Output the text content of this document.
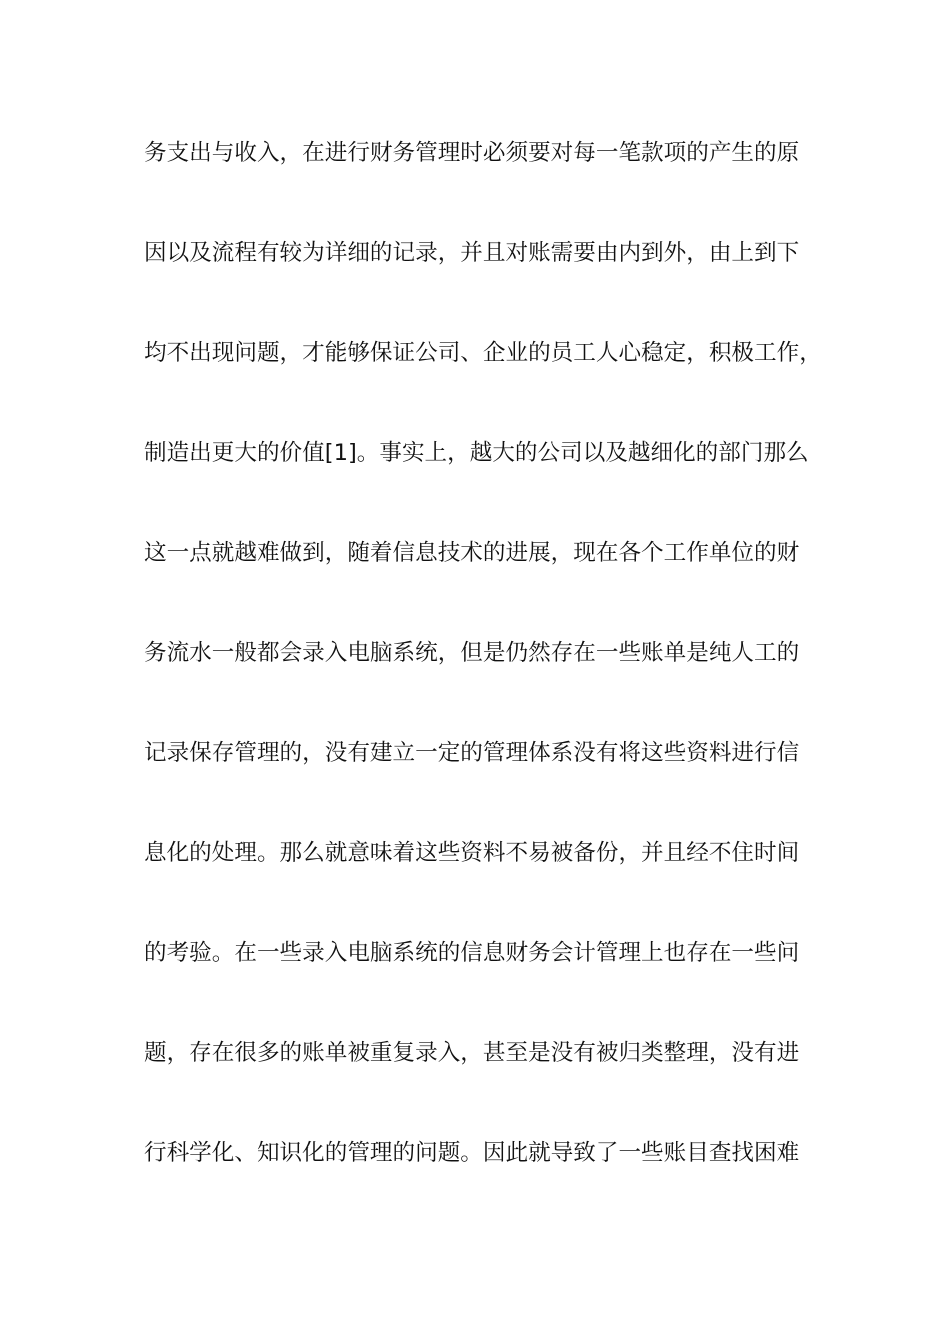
务支出与收入，在进行财务管理时必须要对每一笔款项的产生的原

因以及流程有较为详细的记录，并且对账需要由内到外，由上到下

均不出现问题，才能够保证公司、企业的员工人心稳定，积极工作，

制造出更大的价值[1]。事实上，越大的公司以及越细化的部门那么

这一点就越难做到，随着信息技术的进展，现在各个工作单位的财

务流水一般都会录入电脑系统，但是仍然存在一些账单是纯人工的

记录保存管理的，没有建立一定的管理体系没有将这些资料进行信

息化的处理。那么就意味着这些资料不易被备份，并且经不住时间

的考验。在一些录入电脑系统的信息财务会计管理上也存在一些问

题，存在很多的账单被重复录入，甚至是没有被归类整理，没有进

行科学化、知识化的管理的问题。因此就导致了一些账目查找困难
